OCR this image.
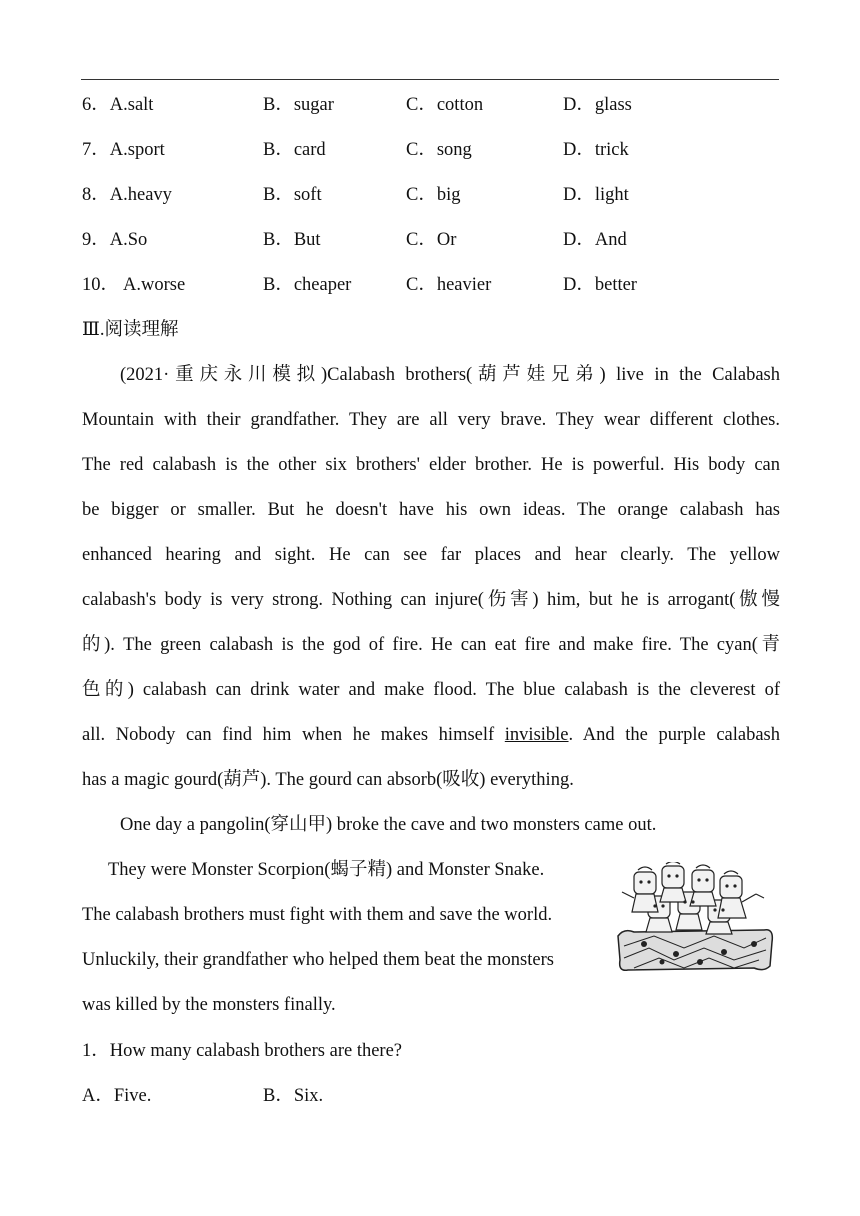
6．A.salt	B．sugar	C．cotton	D．glass
7．A.sport	B．card	C．song	D．trick
8．A.heavy	B．soft	C．big	D．light
9．A.So	B．But	C．Or	D．And
10． A.worse	B．cheaper	C．heavier	D．better
Ⅲ.阅读理解
(2021·重庆永川模拟)Calabash brothers(葫芦娃兄弟) live in the Calabash
Mountain with their grandfather. They are all very brave. They wear different clothes.
The red calabash is the other six brothers' elder brother. He is powerful. His body can
be bigger or smaller. But he doesn't have his own ideas. The orange calabash has
enhanced hearing and sight. He can see far places and hear clearly. The yellow
calabash's body is very strong. Nothing can injure(伤害) him, but he is arrogant(傲慢
的). The green calabash is the god of fire. He can eat fire and make fire. The cyan(青
色的) calabash can drink water and make flood. The blue calabash is the cleverest of
all. Nobody can find him when he makes himself invisible. And the purple calabash
has a magic gourd(葫芦). The gourd can absorb(吸收) everything.
One day a pangolin(穿山甲) broke the cave and two monsters came out.
They were Monster Scorpion(蝎子精) and Monster Snake.
The calabash brothers must fight with them and save the world.
Unluckily, their grandfather who helped them beat the monsters
was killed by the monsters finally.
1．How many calabash brothers are there?
A．Five.	B．Six.
